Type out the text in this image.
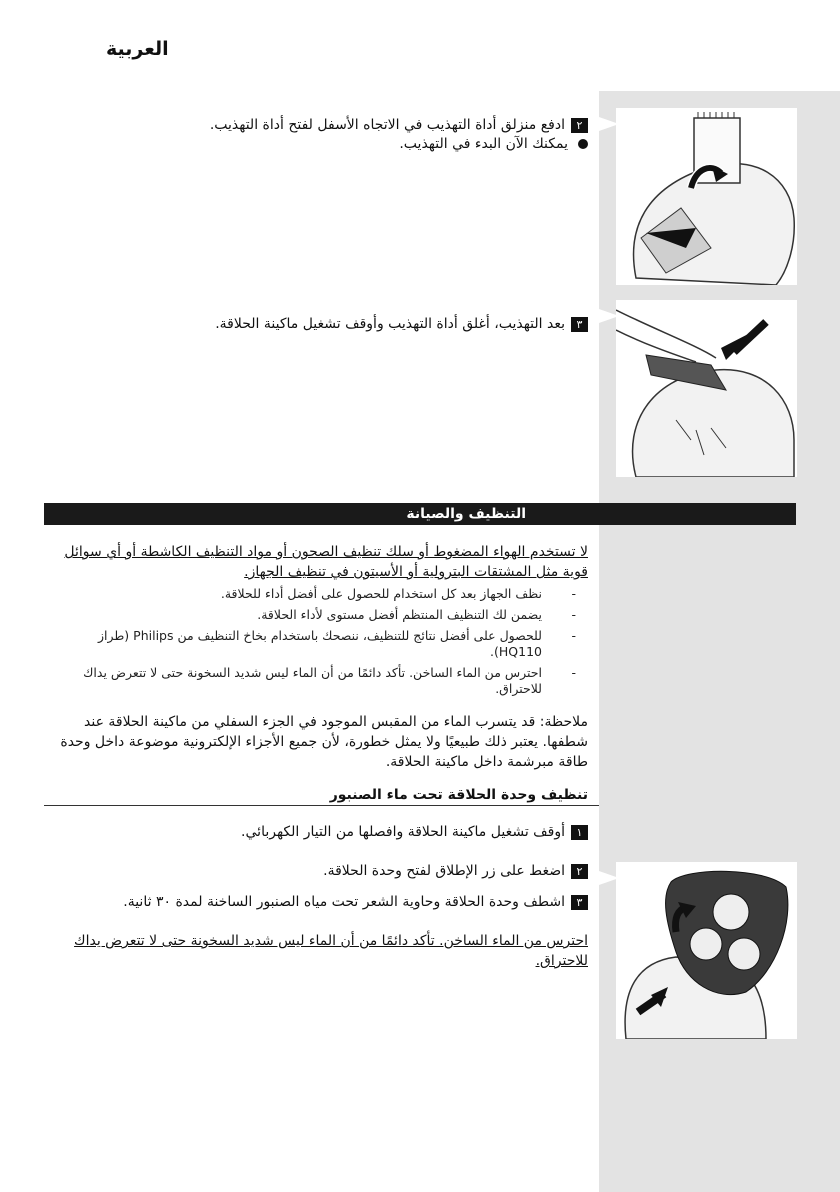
العربية
٢ادفع منزلق أداة التهذيب في الاتجاه الأسفل لفتح أداة التهذيب.
يمكنك الآن البدء في التهذيب.
٣بعد التهذيب، أغلق أداة التهذيب وأوقف تشغيل ماكينة الحلاقة.
التنظيف والصيانة
لا تستخدم الهواء المضغوط أو سلك تنظيف الصحون أو مواد التنظيف الكاشطة أو أي سوائل قوية مثل المشتقات البترولية أو الأسيتون في تنظيف الجهاز.
- نظف الجهاز بعد كل استخدام للحصول على أفضل أداء للحلاقة.
- يضمن لك التنظيف المنتظم أفضل مستوى لأداء الحلاقة.
- للحصول على أفضل نتائج للتنظيف، ننصحك باستخدام بخاخ التنظيف من Philips (طراز HQ110).
- احترس من الماء الساخن. تأكد دائمًا من أن الماء ليس شديد السخونة حتى لا تتعرض يداك للاحتراق.
ملاحظة: قد يتسرب الماء من المقبس الموجود في الجزء السفلي من ماكينة الحلاقة عند شطفها. يعتبر ذلك طبيعيًا ولا يمثل خطورة، لأن جميع الأجزاء الإلكترونية موضوعة داخل وحدة طاقة مبرشمة داخل ماكينة الحلاقة.
تنظيف وحدة الحلاقة تحت ماء الصنبور
١أوقف تشغيل ماكينة الحلاقة وافصلها من التيار الكهربائي.
٢اضغط على زر الإطلاق لفتح وحدة الحلاقة.
٣اشطف وحدة الحلاقة وحاوية الشعر تحت مياه الصنبور الساخنة لمدة ٣٠ ثانية.
احترس من الماء الساخن. تأكد دائمًا من أن الماء ليس شديد السخونة حتى لا تتعرض يداك للاحتراق.
